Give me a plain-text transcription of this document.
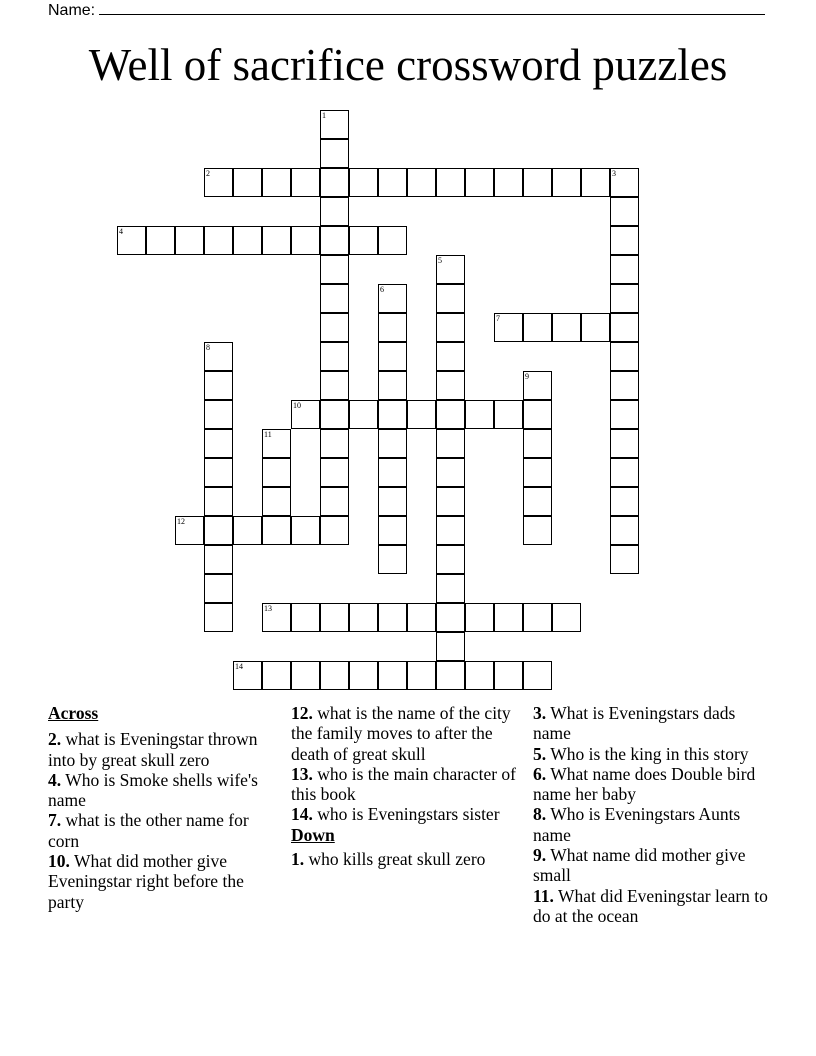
Name:
Well of sacrifice crossword puzzles
1
2	3
4
5
6
7
8
9
10
11
12
13
14
Across
2. what is Eveningstar thrown into by great skull zero
4. Who is Smoke shells wife's name
7. what is the other name for corn
10. What did mother give Eveningstar right before the party
12. what is the name of the city the family moves to after the death of great skull
13. who is the main character of this book
14. who is Eveningstars sister
Down
1. who kills great skull zero
3. What is Eveningstars dads name
5. Who is the king in this story
6. What name does Double bird name her baby
8. Who is Eveningstars Aunts name
9. What name did mother give small
11. What did Eveningstar learn to do at the ocean
